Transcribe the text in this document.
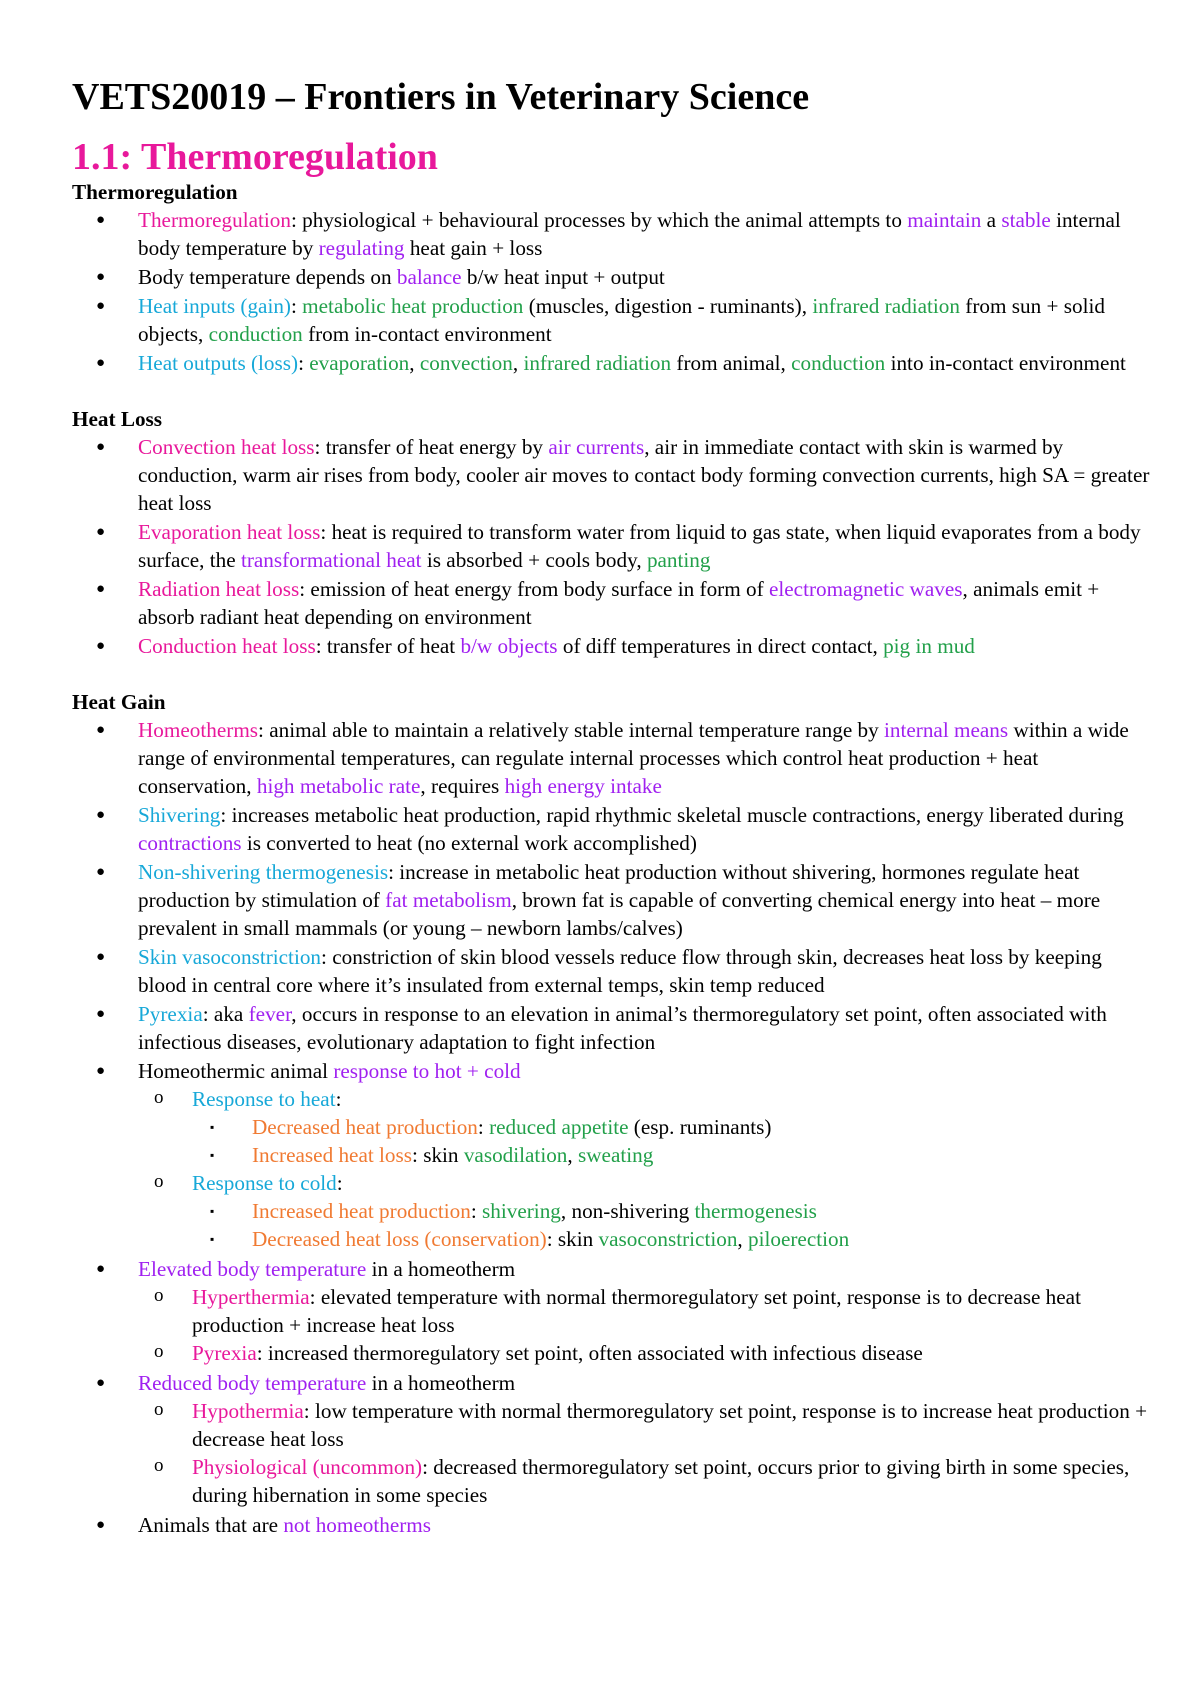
VETS20019 – Frontiers in Veterinary Science
1.1: Thermoregulation
Thermoregulation
● Thermoregulation: physiological + behavioural processes by which the animal attempts to maintain a stable internal body temperature by regulating heat gain + loss
● Body temperature depends on balance b/w heat input + output
● Heat inputs (gain): metabolic heat production (muscles, digestion - ruminants), infrared radiation from sun + solid objects, conduction from in-contact environment
● Heat outputs (loss): evaporation, convection, infrared radiation from animal, conduction into in-contact environment
Heat Loss
● Convection heat loss: transfer of heat energy by air currents, air in immediate contact with skin is warmed by conduction, warm air rises from body, cooler air moves to contact body forming convection currents, high SA = greater heat loss
● Evaporation heat loss: heat is required to transform water from liquid to gas state, when liquid evaporates from a body surface, the transformational heat is absorbed + cools body, panting
● Radiation heat loss: emission of heat energy from body surface in form of electromagnetic waves, animals emit + absorb radiant heat depending on environment
● Conduction heat loss: transfer of heat b/w objects of diff temperatures in direct contact, pig in mud
Heat Gain
● Homeotherms: animal able to maintain a relatively stable internal temperature range by internal means within a wide range of environmental temperatures, can regulate internal processes which control heat production + heat conservation, high metabolic rate, requires high energy intake
● Shivering: increases metabolic heat production, rapid rhythmic skeletal muscle contractions, energy liberated during contractions is converted to heat (no external work accomplished)
● Non-shivering thermogenesis: increase in metabolic heat production without shivering, hormones regulate heat production by stimulation of fat metabolism, brown fat is capable of converting chemical energy into heat – more prevalent in small mammals (or young – newborn lambs/calves)
● Skin vasoconstriction: constriction of skin blood vessels reduce flow through skin, decreases heat loss by keeping blood in central core where it’s insulated from external temps, skin temp reduced
● Pyrexia: aka fever, occurs in response to an elevation in animal’s thermoregulatory set point, often associated with infectious diseases, evolutionary adaptation to fight infection
● Homeothermic animal response to hot + cold
o Response to heat:
▪ Decreased heat production: reduced appetite (esp. ruminants)
▪ Increased heat loss: skin vasodilation, sweating
o Response to cold:
▪ Increased heat production: shivering, non-shivering thermogenesis
▪ Decreased heat loss (conservation): skin vasoconstriction, piloerection
● Elevated body temperature in a homeotherm
o Hyperthermia: elevated temperature with normal thermoregulatory set point, response is to decrease heat production + increase heat loss
o Pyrexia: increased thermoregulatory set point, often associated with infectious disease
● Reduced body temperature in a homeotherm
o Hypothermia: low temperature with normal thermoregulatory set point, response is to increase heat production + decrease heat loss
o Physiological (uncommon): decreased thermoregulatory set point, occurs prior to giving birth in some species, during hibernation in some species
● Animals that are not homeotherms
